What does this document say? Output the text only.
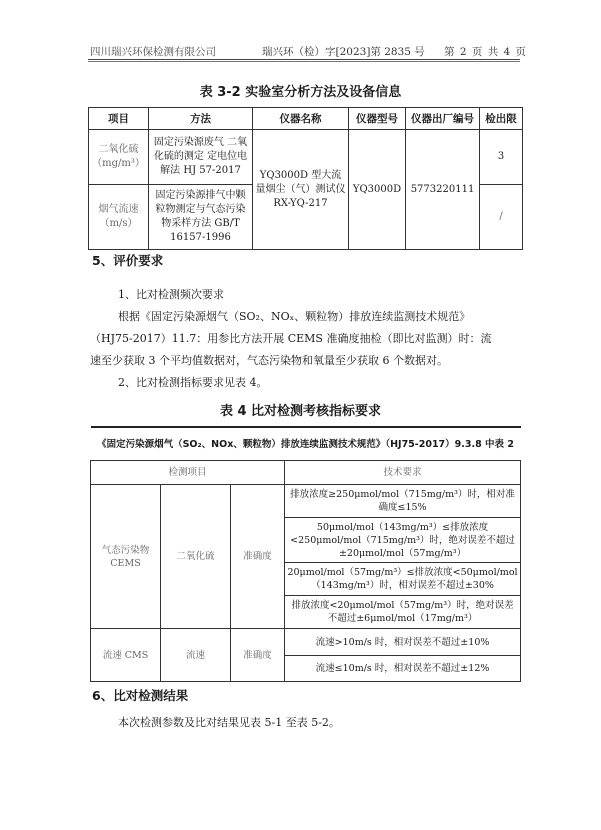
四川瑞兴环保检测有限公司	瑞兴环（检）字[2023]第 2835 号 第 2 页 共 4 页
表 3-2 实验室分析方法及设备信息
项目	方法	仪器名称	仪器型号	仪器出厂编号	检出限
二氧化硫（mg/m³）	固定污染源废气 二氧化硫的测定 定电位电解法 HJ 57-2017	YQ3000D 型大流量烟尘（气）测试仪 RX-YQ-217	YQ3000D	5773220111	3
烟气流速（m/s）	固定污染源排气中颗粒物测定与气态污染物采样方法 GB/T 16157-1996				/
5、评价要求
1、比对检测频次要求
根据《固定污染源烟气（SO₂、NOₓ、颗粒物）排放连续监测技术规范》
（HJ75-2017）11.7：用参比方法开展 CEMS 准确度抽检（即比对监测）时：流
速至少获取 3 个平均值数据对，气态污染物和氧量至少获取 6 个数据对。
2、比对检测指标要求见表 4。
表 4 比对检测考核指标要求
《固定污染源烟气（SO₂、NOx、颗粒物）排放连续监测技术规范》（HJ75-2017）9.3.8 中表 2			
检测项目			技术要求
气态污染物 CEMS	二氧化硫	准确度	排放浓度≥250μmol/mol（715mg/m³）时，相对准确度≤15%
			50μmol/mol（143mg/m³）≤排放浓度<250μmol/mol（715mg/m³）时，绝对误差不超过±20μmol/mol（57mg/m³）
			20μmol/mol（57mg/m³）≤排放浓度<50μmol/mol（143mg/m³）时，相对误差不超过±30%
			排放浓度<20μmol/mol（57mg/m³）时，绝对误差不超过±6μmol/mol（17mg/m³）
流速 CMS	流速	准确度	流速>10m/s 时，相对误差不超过±10%
			流速≤10m/s 时，相对误差不超过±12%
6、比对检测结果
本次检测参数及比对结果见表 5-1 至表 5-2。
